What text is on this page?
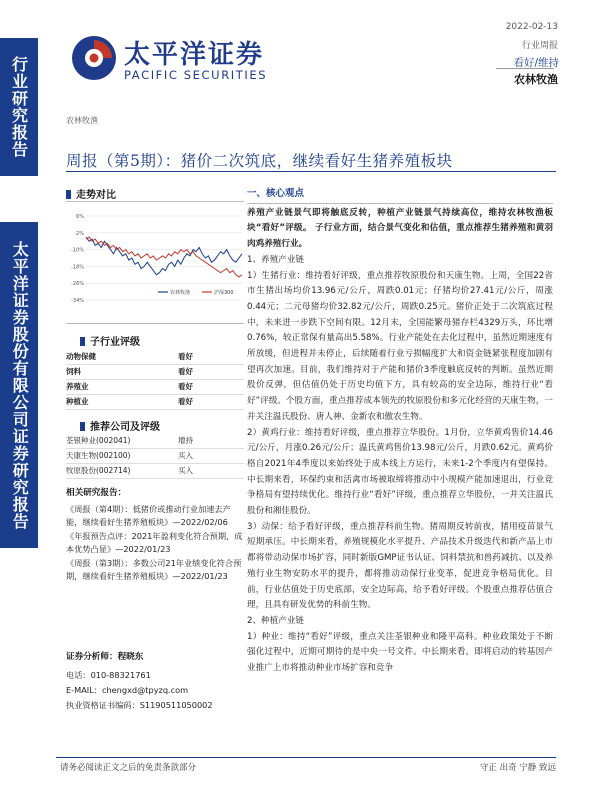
行业研究报告
太平洋证券股份有限公司证券研究报告
太平洋证券
PACIFIC SECURITIES
2022-02-13
行业周报
看好/维持
农林牧渔
农林牧渔
周报（第5期）：猪价二次筑底，继续看好生猪养殖板块
走势对比
6%
-2%
-10%
-18%
-26%
-34%
农林牧渔	沪深300
子行业评级
动物保健	看好
饲料	看好
养殖业	看好
种植业	看好
推荐公司及评级
荃银种业(002041)	增持
天康生物(002100)	买入
牧原股份(002714)	买入
相关研究报告：
《周报（第4期）：低猪价或推动行业加速去产能，继续看好生猪养殖板块》—2022/02/06
《年报预告点评：2021年盈利变化符合预期，成本优势凸显》—2022/01/23
《周报（第3期）：多数公司21年业绩变化符合预期，继续看好生猪养殖板块》—2022/01/23
证券分析师：程晓东
电话：010-88321761
E-MAIL：chengxd@tpyzq.com
执业资格证书编码：S1190511050002
一、核心观点

养殖产业链景气即将触底反转，种植产业链景气持续高位，维持农林牧渔板块“看好”评级。 子行业方面，结合景气变化和估值，重点推荐生猪养殖和黄羽肉鸡养殖行业。

1、养殖产业链

1）生猪行业：维持看好评级，重点推荐牧原股份和天康生物。上周，全国22省市生猪出场均价13.96元/公斤，周跌0.01元；仔猪均价27.41元/公斤，周涨0.44元；二元母猪均价32.82元/公斤，周跌0.25元。猪价正处于二次筑底过程中，未来进一步跌下空间有限。12月末，全国能繁母猪存栏4329万头，环比增0.76%，较正常保有量高出5.58%。行业产能处在去化过程中，虽然近期速度有所放缓，但进程并未停止，后续随着行业亏损幅度扩大和资金链紧张程度加剧有望再次加速。目前，我们维持对于产能和猪价3季度触底反转的判断。虽然近期股价反弹，但估值仍处于历史均值下方，具有较高的安全边际，维持行业“看好”评级。个股方面，重点推荐成本领先的牧原股份和多元化经营的天康生物，一并关注温氏股份、唐人神、金新农和傲农生物。

2）黄鸡行业：维持看好评级，重点推荐立华股份。1月份，立华黄鸡售价14.46元/公斤，月涨0.26元/公斤；温氏黄鸡售价13.98元/公斤，月跌0.62元。黄鸡价格自2021年4季度以来始终处于成本线上方运行，未来1-2个季度内有望保持。中长期来看，环保约束和活禽市场被取缔将推动中小规模产能加速退出，行业竞争格局有望持续优化。维持行业“看好”评级，重点推荐立华股份，一并关注温氏股份和湘佳股份。

3）动保：给予看好评级，重点推荐科前生物。猪周期反转前夜，猪用疫苗景气短期承压。中长期来看，养殖规模化水平提升、产品技术升级迭代和新产品上市都将带动动保市场扩容，同时新版GMP证书认证、饲料禁抗和兽药减抗、以及养殖行业生物安防水平的提升，都将推动动保行业变革，促进竞争格局优化。目前，行业估值处于历史底部，安全边际高，给予看好评级。个股重点推荐估值合理，且具有研发优势的科前生物。

2、种植产业链

1）种业：维持“看好”评级，重点关注荃银种业和隆平高科。种业政策处于不断强化过程中，近期可期待的是中央一号文件。中长期来看，即将启动的转基因产业推广上市将推动种业市场扩容和竞争

请务必阅读正文之后的免责条款部分	守正 出奇 宁静 致远
